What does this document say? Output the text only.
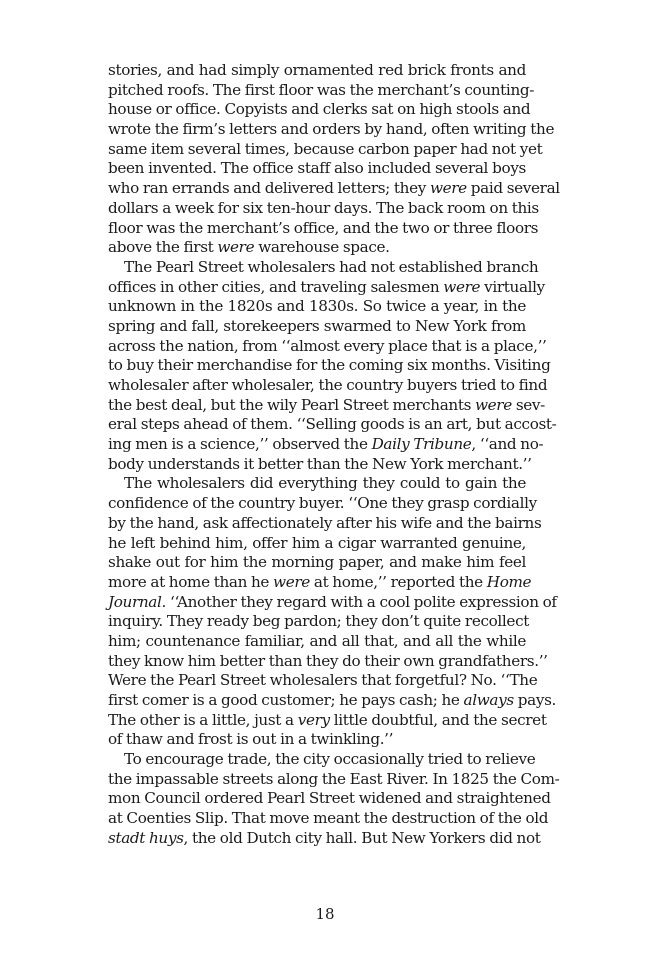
stories, and had simply ornamented red brick fronts and
pitched roofs. The first floor was the merchant’s counting-
house or office. Copyists and clerks sat on high stools and
wrote the firm’s letters and orders by hand, often writing the
same item several times, because carbon paper had not yet
been invented. The office staff also included several boys
who ran errands and delivered letters; they were paid several
dollars a week for six ten-hour days. The back room on this
floor was the merchant’s office, and the two or three floors
above the first were warehouse space.
The Pearl Street wholesalers had not established branch
offices in other cities, and traveling salesmen were virtually
unknown in the 1820s and 1830s. So twice a year, in the
spring and fall, storekeepers swarmed to New York from
across the nation, from ‘‘almost every place that is a place,’’
to buy their merchandise for the coming six months. Visiting
wholesaler after wholesaler, the country buyers tried to find
the best deal, but the wily Pearl Street merchants were sev-
eral steps ahead of them. ‘‘Selling goods is an art, but accost-
ing men is a science,’’ observed the Daily Tribune, ‘‘and no-
body understands it better than the New York merchant.’’
The wholesalers did everything they could to gain the
confidence of the country buyer. ‘‘One they grasp cordially
by the hand, ask affectionately after his wife and the bairns
he left behind him, offer him a cigar warranted genuine,
shake out for him the morning paper, and make him feel
more at home than he were at home,’’ reported the Home
Journal. ‘‘Another they regard with a cool polite expression of
inquiry. They ready beg pardon; they don’t quite recollect
him; countenance familiar, and all that, and all the while
they know him better than they do their own grandfathers.’’
Were the Pearl Street wholesalers that forgetful? No. ‘‘The
first comer is a good customer; he pays cash; he always pays.
The other is a little, just a very little doubtful, and the secret
of thaw and frost is out in a twinkling.’’
To encourage trade, the city occasionally tried to relieve
the impassable streets along the East River. In 1825 the Com-
mon Council ordered Pearl Street widened and straightened
at Coenties Slip. That move meant the destruction of the old
stadt huys, the old Dutch city hall. But New Yorkers did not
18
